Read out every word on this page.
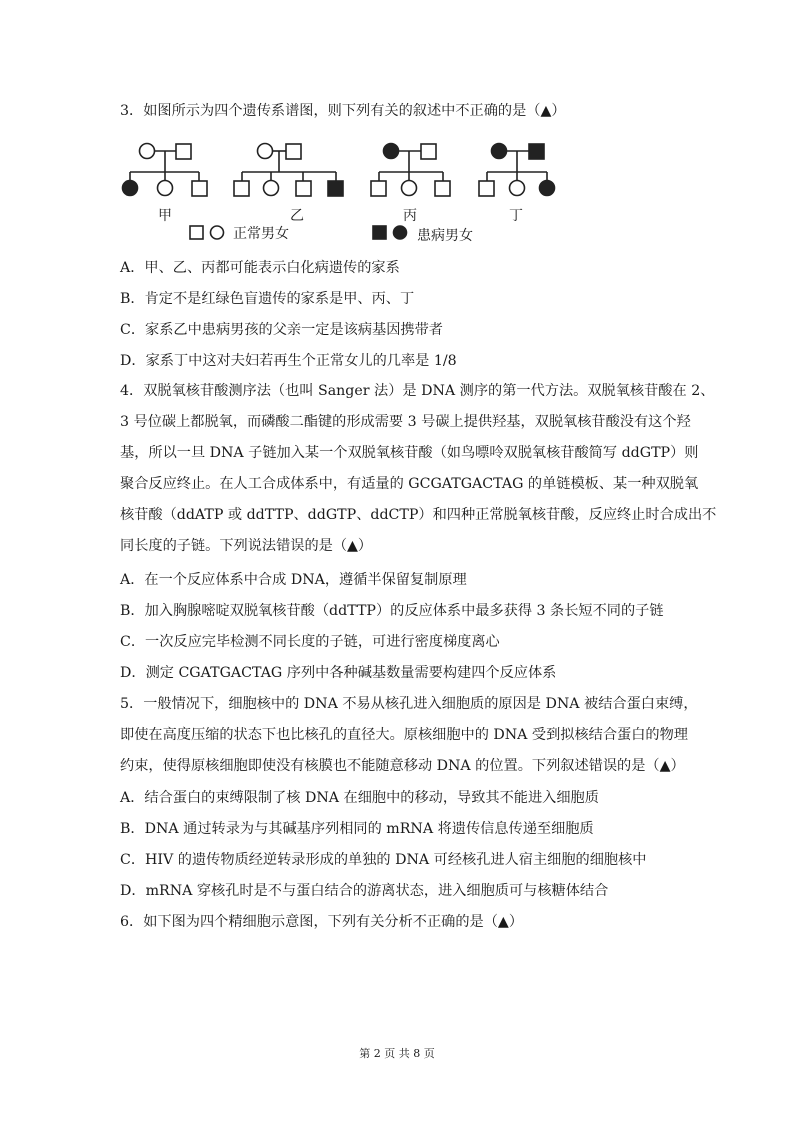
3．如图所示为四个遗传系谱图，则下列有关的叙述中不正确的是（▲）
甲	乙	丙	丁
正常男女	患病男女
A．甲、乙、丙都可能表示白化病遗传的家系
B．肯定不是红绿色盲遗传的家系是甲、丙、丁
C．家系乙中患病男孩的父亲一定是该病基因携带者
D．家系丁中这对夫妇若再生个正常女儿的几率是 1/8
4．双脱氧核苷酸测序法（也叫 Sanger 法）是 DNA 测序的第一代方法。双脱氧核苷酸在 2、
3 号位碳上都脱氧，而磷酸二酯键的形成需要 3 号碳上提供羟基，双脱氧核苷酸没有这个羟
基，所以一旦 DNA 子链加入某一个双脱氧核苷酸（如鸟嘌呤双脱氧核苷酸简写 ddGTP）则
聚合反应终止。在人工合成体系中，有适量的 GCGATGACTAG 的单链模板、某一种双脱氧
核苷酸（ddATP 或 ddTTP、ddGTP、ddCTP）和四种正常脱氧核苷酸，反应终止时合成出不
同长度的子链。下列说法错误的是（▲）
A．在一个反应体系中合成 DNA，遵循半保留复制原理
B．加入胸腺嘧啶双脱氧核苷酸（ddTTP）的反应体系中最多获得 3 条长短不同的子链
C．一次反应完毕检测不同长度的子链，可进行密度梯度离心
D．测定 CGATGACTAG 序列中各种碱基数量需要构建四个反应体系
5．一般情况下，细胞核中的 DNA 不易从核孔进入细胞质的原因是 DNA 被结合蛋白束缚，
即使在高度压缩的状态下也比核孔的直径大。原核细胞中的 DNA 受到拟核结合蛋白的物理
约束，使得原核细胞即使没有核膜也不能随意移动 DNA 的位置。下列叙述错误的是（▲）
A．结合蛋白的束缚限制了核 DNA 在细胞中的移动，导致其不能进入细胞质
B．DNA 通过转录为与其碱基序列相同的 mRNA 将遗传信息传递至细胞质
C．HIV 的遗传物质经逆转录形成的单独的 DNA 可经核孔进人宿主细胞的细胞核中
D．mRNA 穿核孔时是不与蛋白结合的游离状态，进入细胞质可与核糖体结合
6．如下图为四个精细胞示意图，下列有关分析不正确的是（▲）
第 2 页 共 8 页
